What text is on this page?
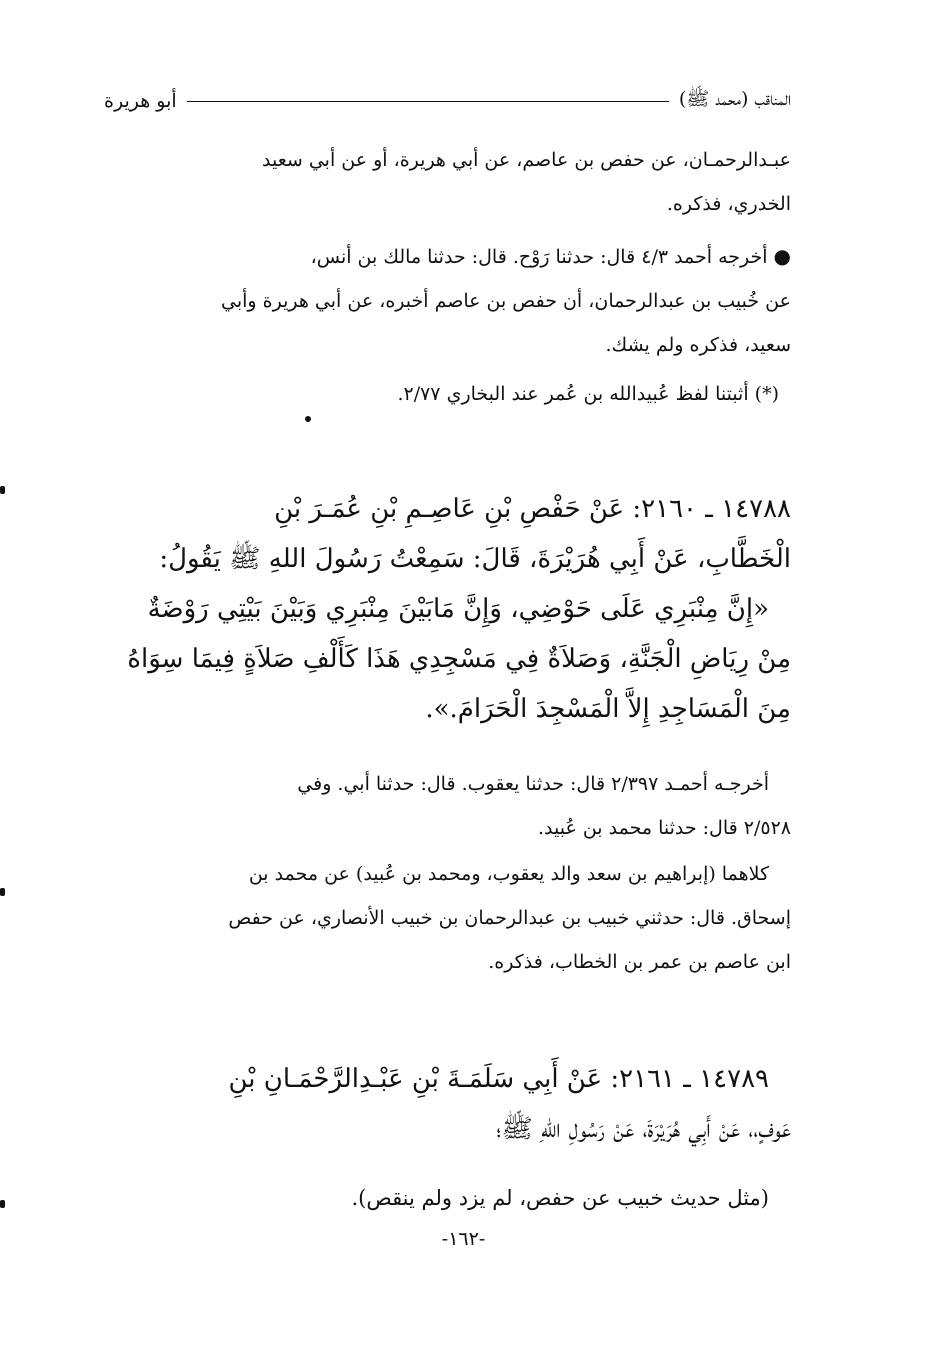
المناقب (محمد ﷺ)
أبو هريرة
عبـدالرحمـان، عن حفص بن عاصم، عن أبي هريرة، أو عن أبي سعيد
الخدري، فذكره.
●أخرجه أحمد ٤/٣ قال: حدثنا رَوْح. قال: حدثنا مالك بن أنس،
عن خُبيب بن عبدالرحمان، أن حفص بن عاصم أخبره، عن أبي هريرة وأبي
سعيد، فذكره ولم يشك.
(*) أثبتنا لفظ عُبيدالله بن عُمر عند البخاري ٢/٧٧.
١٤٧٨٨ ـ ٢١٦٠: عَنْ حَفْصِ بْنِ عَاصِـمِ بْنِ عُمَـرَ بْنِ
الْخَطَّابِ، عَنْ أَبِي هُرَيْرَةَ، قَالَ: سَمِعْتُ رَسُولَ اللهِ ﷺ يَقُولُ:
«إِنَّ مِنْبَرِي عَلَى حَوْضِي، وَإِنَّ مَابَيْنَ مِنْبَرِي وَبَيْنَ بَيْتِي رَوْضَةٌ
مِنْ رِيَاضِ الْجَنَّةِ، وَصَلاَةٌ فِي مَسْجِدِي هَذَا كَأَلْفِ صَلاَةٍ فِيمَا سِوَاهُ
مِنَ الْمَسَاجِدِ إِلاَّ الْمَسْجِدَ الْحَرَامَ.».
أخرجـه أحمـد ٢/٣٩٧ قال: حدثنا يعقوب. قال: حدثنا أبي. وفي
٢/٥٢٨ قال: حدثنا محمد بن عُبيد.
كلاهما (إبراهيم بن سعد والد يعقوب، ومحمد بن عُبيد) عن محمد بن
إسحاق. قال: حدثني خبيب بن عبدالرحمان بن خبيب الأنصاري، عن حفص
ابن عاصم بن عمر بن الخطاب، فذكره.
١٤٧٨٩ ـ ٢١٦١: عَنْ أَبِي سَلَمَـةَ بْنِ عَبْـدِالرَّحْمَـانِ بْنِ
عَوفٍ،، عَنْ أَبِي هُرَيْرَةَ، عَنْ رَسُولِ اللهِ ﷺ؛
(مثل حديث خبيب عن حفص، لم يزد ولم ينقص).
-١٦٢-
